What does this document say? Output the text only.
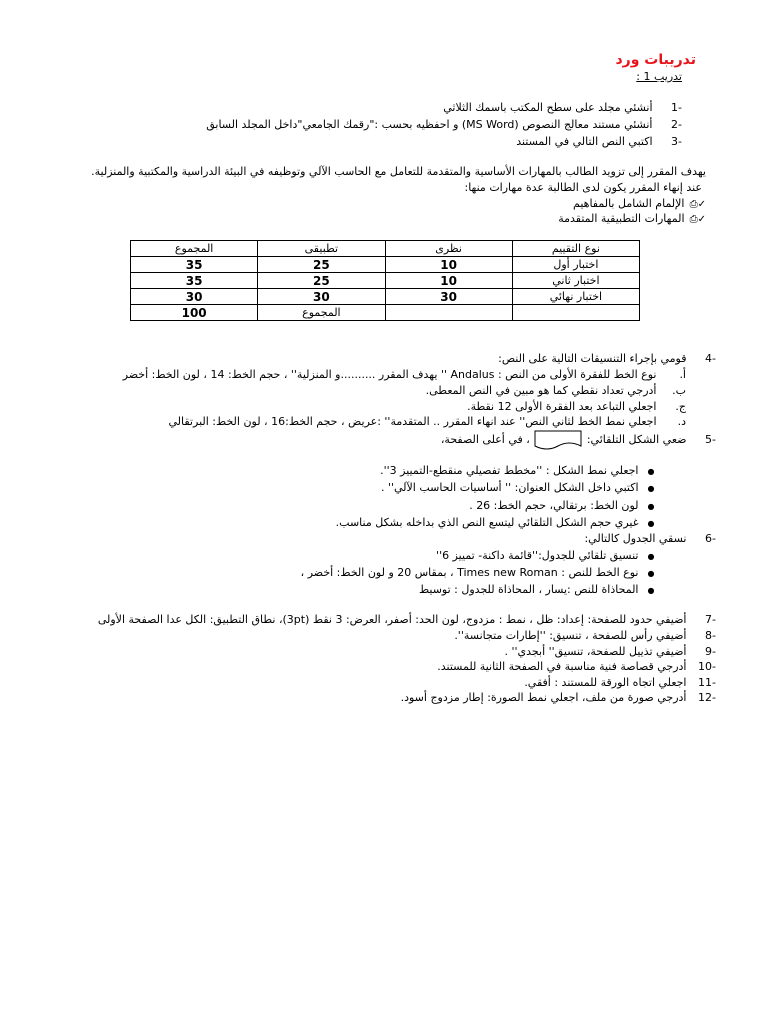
تدريبات ورد
تدريب 1 :
-1 أنشئي مجلد على سطح المكتب باسمك الثلاثي
-2 أنشئي مستند معالج النصوص (MS Word) و احفظيه بحسب :"رقمك الجامعي"داخل المجلد السابق
-3 اكتبي النص التالي في المستند
يهدف المقرر إلى تزويد الطالب بالمهارات الأساسية والمتقدمة للتعامل مع الحاسب الآلي وتوظيفه في البيئة الدراسية والمكتبية والمنزلية.
عند إنهاء المقرر يكون لدى الطالبة عدة مهارات منها:
✓⎙ الإلمام الشامل بالمفاهيم
✓⎙ المهارات التطبيقية المتقدمة
نوع التقييم	نظرى	تطبيقى	المجموع
اختبار أول	10	25	35
اختبار ثاني	10	25	35
اختبار نهائي	30	30	30
		المجموع	100
-4 قومي بإجراء التنسيقات التالية على النص:
أ. نوع الخط للفقرة الأولى من النص : Andalus '' يهدف المقرر ..........و المنزلية'' ، حجم الخط: 14 ، لون الخط: أخضر
ب. أدرجي تعداد نقطي كما هو مبين في النص المعطى.
ج. اجعلي التباعد بعد الفقرة الأولى 12 نقطة.
د. اجعلي نمط الخط لثاني النص'' عند انهاء المقرر .. المتقدمة'' :عريض ، حجم الخط:16 ، لون الخط: البرتقالي
-5 ضعي الشكل التلقائي:  ، في أعلى الصفحة،
● اجعلي نمط الشكل : ''مخطط تفصيلي منقطع-التمييز 3''.
● اكتبي داخل الشكل العنوان: '' أساسيات الحاسب الآلي'' .
● لون الخط: برتقالي، حجم الخط: 26 .
● غيري حجم الشكل التلقائي ليتسع النص الذي بداخله بشكل مناسب.
-6 نسقي الجدول كالتالي:
● تنسيق تلقائي للجدول:''قائمة داكنة- تمييز 6''
● نوع الخط للنص : Times new Roman ، بمقاس 20 و لون الخط: أخضر ،
● المحاذاة للنص :يسار ، المحاذاة للجدول : توسيط
-7 أضيفي حدود للصفحة: إعداد: ظل ، نمط : مزدوج، لون الحد: أصفر، العرض: 3 نقط (3pt)، نطاق التطبيق: الكل عدا الصفحة الأولى
-8 أضيفي رأس للصفحة ، تنسيق: ''إطارات متجانسة''.
-9 أضيفي تذييل للصفحة، تنسيق'' أبجدي'' .
-10 أدرجي قصاصة فنية مناسبة في الصفحة الثانية للمستند.
-11 اجعلي اتجاه الورقة للمستند : أفقي.
-12 أدرجي صورة من ملف، اجعلي نمط الصورة: إطار مزدوج أسود.
